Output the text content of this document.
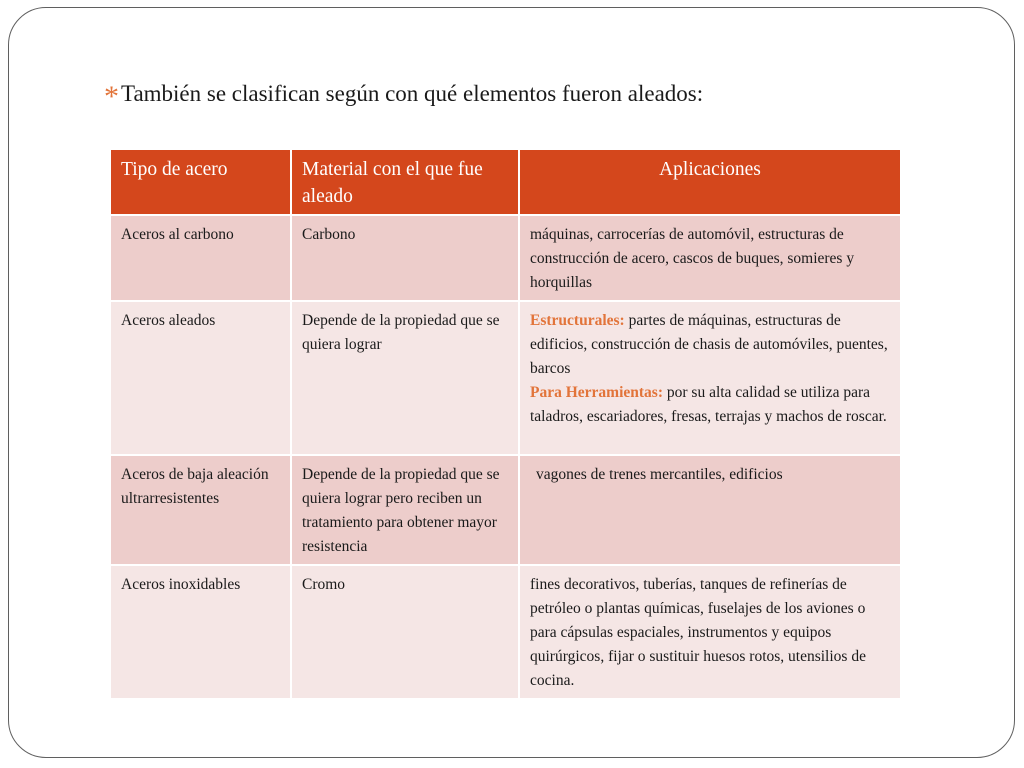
*También se clasifican según con qué elementos fueron aleados:
Tipo de acero	Material con el que fue aleado	Aplicaciones
Aceros al carbono	Carbono	máquinas, carrocerías de automóvil, estructuras de construcción de acero, cascos de buques, somieres y horquillas
Aceros aleados	Depende de la propiedad que se quiera lograr	Estructurales: partes de máquinas, estructuras de edificios, construcción de chasis de automóviles, puentes, barcos
Para Herramientas: por su alta calidad se utiliza para taladros, escariadores, fresas, terrajas y machos de roscar.
Aceros de baja aleación ultrarresistentes	Depende de la propiedad que se quiera lograr pero reciben un tratamiento para obtener mayor resistencia	vagones de trenes mercantiles, edificios
Aceros inoxidables	Cromo	fines decorativos, tuberías, tanques de refinerías de petróleo o plantas químicas, fuselajes de los aviones o para cápsulas espaciales, instrumentos y equipos quirúrgicos, fijar o sustituir huesos rotos, utensilios de cocina.
